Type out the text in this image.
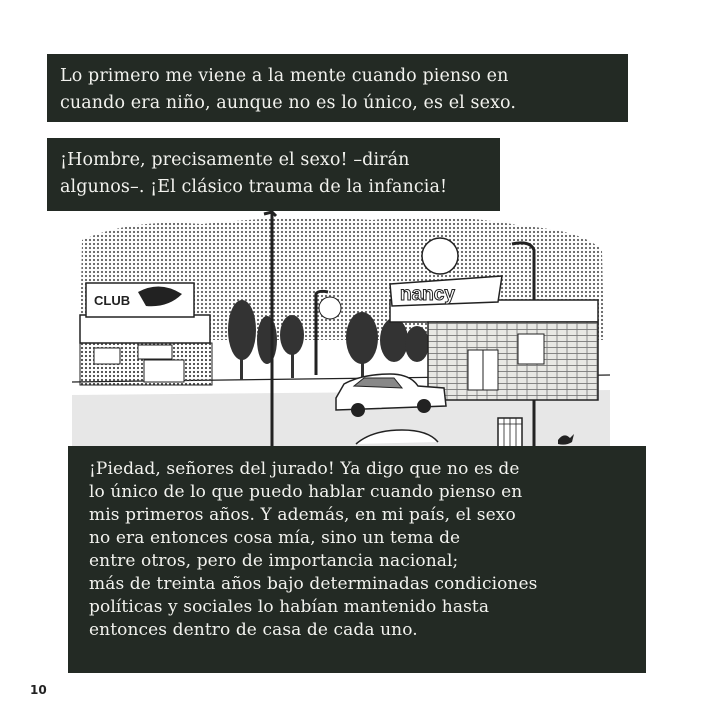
Lo primero me viene a la mente cuando pienso en
cuando era niño, aunque no es lo único, es el sexo.
¡Hombre, precisamente el sexo! –dirán
algunos–. ¡El clásico trauma de la infancia!
CLUB	nancy
¡Piedad, señores del jurado! Ya digo que no es de
lo único de lo que puedo hablar cuando pienso en
mis primeros años. Y además, en mi país, el sexo
no era entonces cosa mía, sino un tema de
entre otros, pero de importancia nacional;
más de treinta años bajo determinadas condiciones
políticas y sociales lo habían mantenido hasta
entonces dentro de casa de cada uno.
10
